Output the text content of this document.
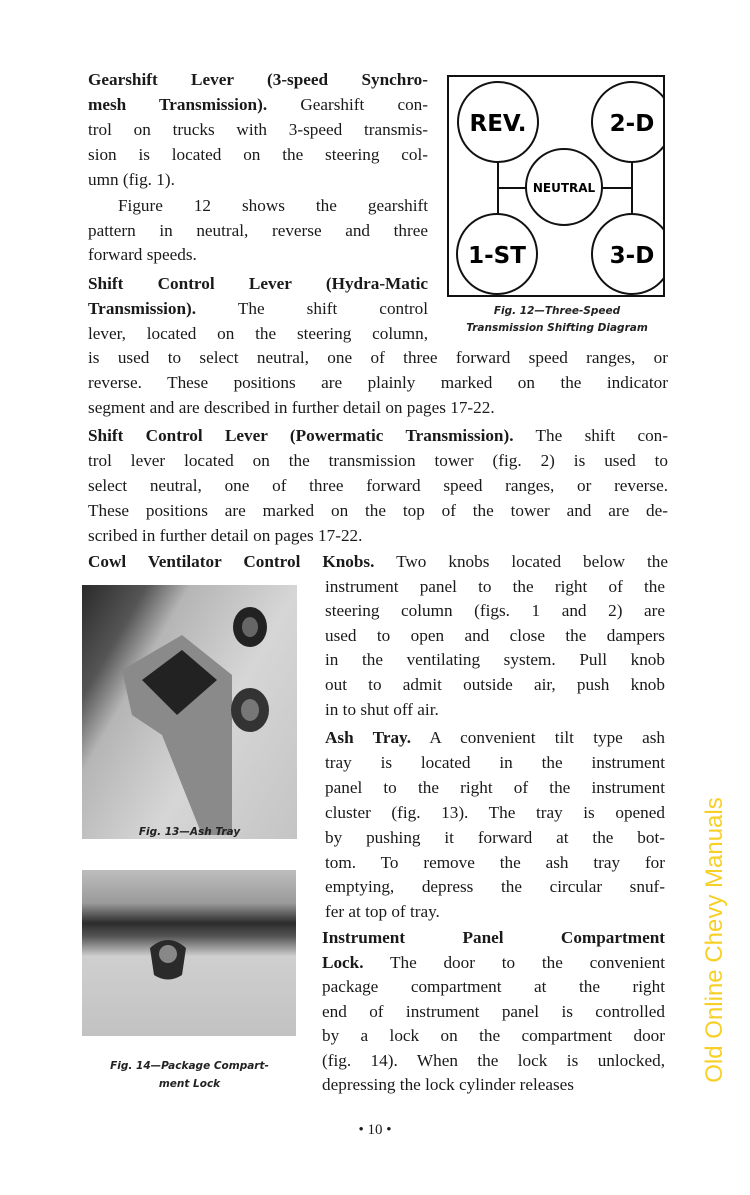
Gearshift Lever (3-speed Synchro-
mesh Transmission). Gearshift con-
trol on trucks with 3-speed transmis-
sion is located on the steering col-
umn (fig. 1).
Figure 12 shows the gearshift
pattern in neutral, reverse and three
forward speeds.
Shift Control Lever (Hydra-Matic
Transmission). The shift control
lever, located on the steering column,
is used to select neutral, one of three forward speed ranges, or
reverse. These positions are plainly marked on the indicator
segment and are described in further detail on pages 17-22.
Shift Control Lever (Powermatic Transmission). The shift con-
trol lever located on the transmission tower (fig. 2) is used to
select neutral, one of three forward speed ranges, or reverse.
These positions are marked on the top of the tower and are de-
scribed in further detail on pages 17-22.
Cowl Ventilator Control Knobs. Two knobs located below the
instrument panel to the right of the
steering column (figs. 1 and 2) are
used to open and close the dampers
in the ventilating system. Pull knob
out to admit outside air, push knob
in to shut off air.
Ash Tray. A convenient tilt type ash
tray is located in the instrument
panel to the right of the instrument
cluster (fig. 13). The tray is opened
by pushing it forward at the bot-
tom. To remove the ash tray for
emptying, depress the circular snuf-
fer at top of tray.
Instrument Panel Compartment
Lock. The door to the convenient
package compartment at the right
end of instrument panel is controlled
by a lock on the compartment door
(fig. 14). When the lock is unlocked,
depressing the lock cylinder releases
REV.	2-D
NEUTRAL
1-ST	3-D
Fig. 12—Three-Speed
Transmission Shifting Diagram
Fig. 13—Ash Tray
Fig. 14—Package Compart-
ment Lock
• 10 •
Old Online Chevy Manuals
